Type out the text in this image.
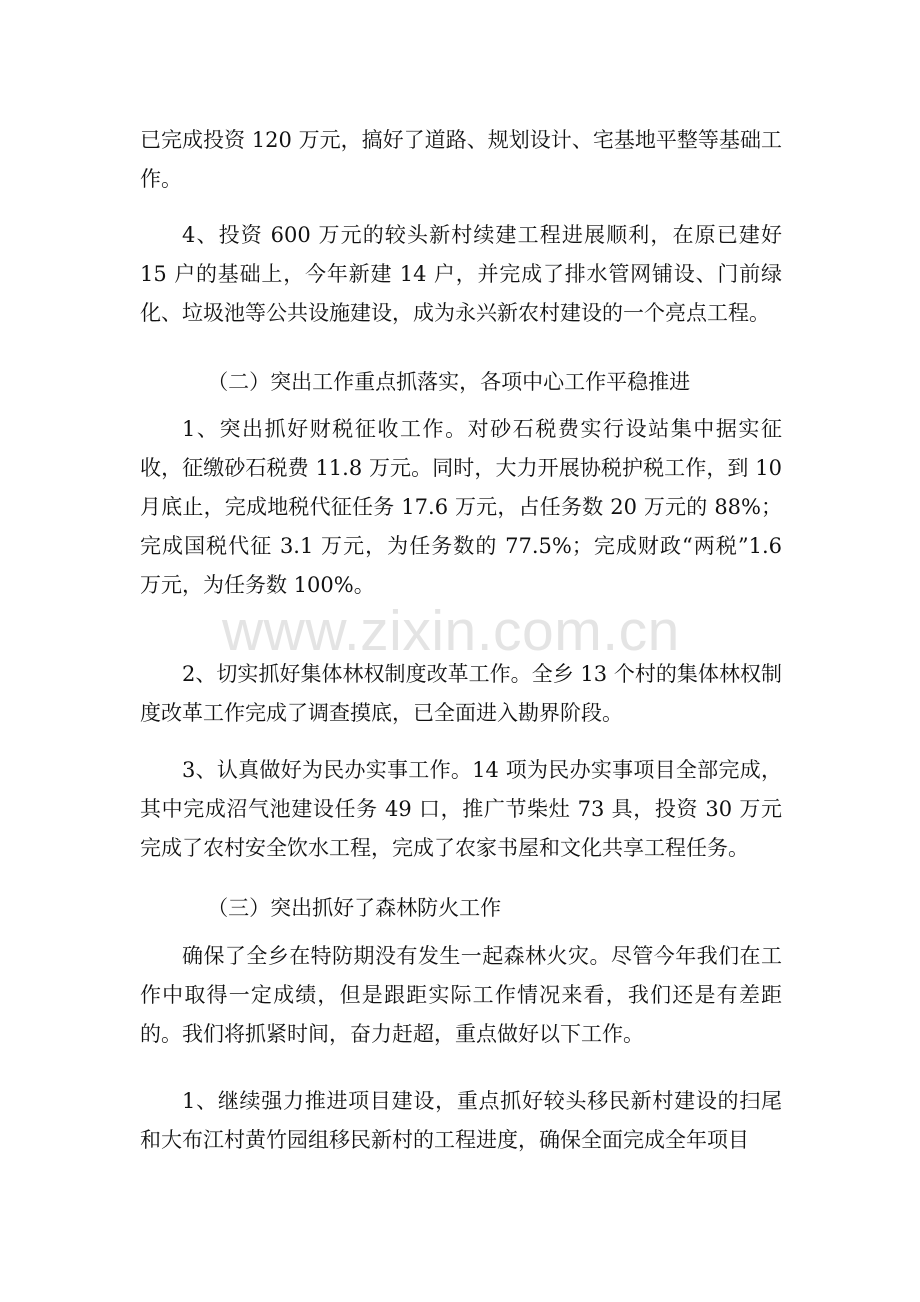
已完成投资 120 万元，搞好了道路、规划设计、宅基地平整等基础工作。

4、投资 600 万元的较头新村续建工程进展顺利，在原已建好 15 户的基础上，今年新建 14 户，并完成了排水管网铺设、门前绿化、垃圾池等公共设施建设，成为永兴新农村建设的一个亮点工程。

（二）突出工作重点抓落实，各项中心工作平稳推进

1、突出抓好财税征收工作。对砂石税费实行设站集中据实征收，征缴砂石税费 11.8 万元。同时，大力开展协税护税工作，到 10 月底止，完成地税代征任务 17.6 万元，占任务数 20 万元的 88%；完成国税代征 3.1 万元，为任务数的 77.5%；完成财政“两税”1.6 万元，为任务数 100%。

2、切实抓好集体林权制度改革工作。全乡 13 个村的集体林权制度改革工作完成了调查摸底，已全面进入勘界阶段。

3、认真做好为民办实事工作。14 项为民办实事项目全部完成，其中完成沼气池建设任务 49 口，推广节柴灶 73 具，投资 30 万元完成了农村安全饮水工程，完成了农家书屋和文化共享工程任务。

（三）突出抓好了森林防火工作

确保了全乡在特防期没有发生一起森林火灾。尽管今年我们在工作中取得一定成绩，但是跟距实际工作情况来看，我们还是有差距的。我们将抓紧时间，奋力赶超，重点做好以下工作。

1、继续强力推进项目建设，重点抓好较头移民新村建设的扫尾和大布江村黄竹园组移民新村的工程进度，确保全面完成全年项目

www.zixin.com.cn
